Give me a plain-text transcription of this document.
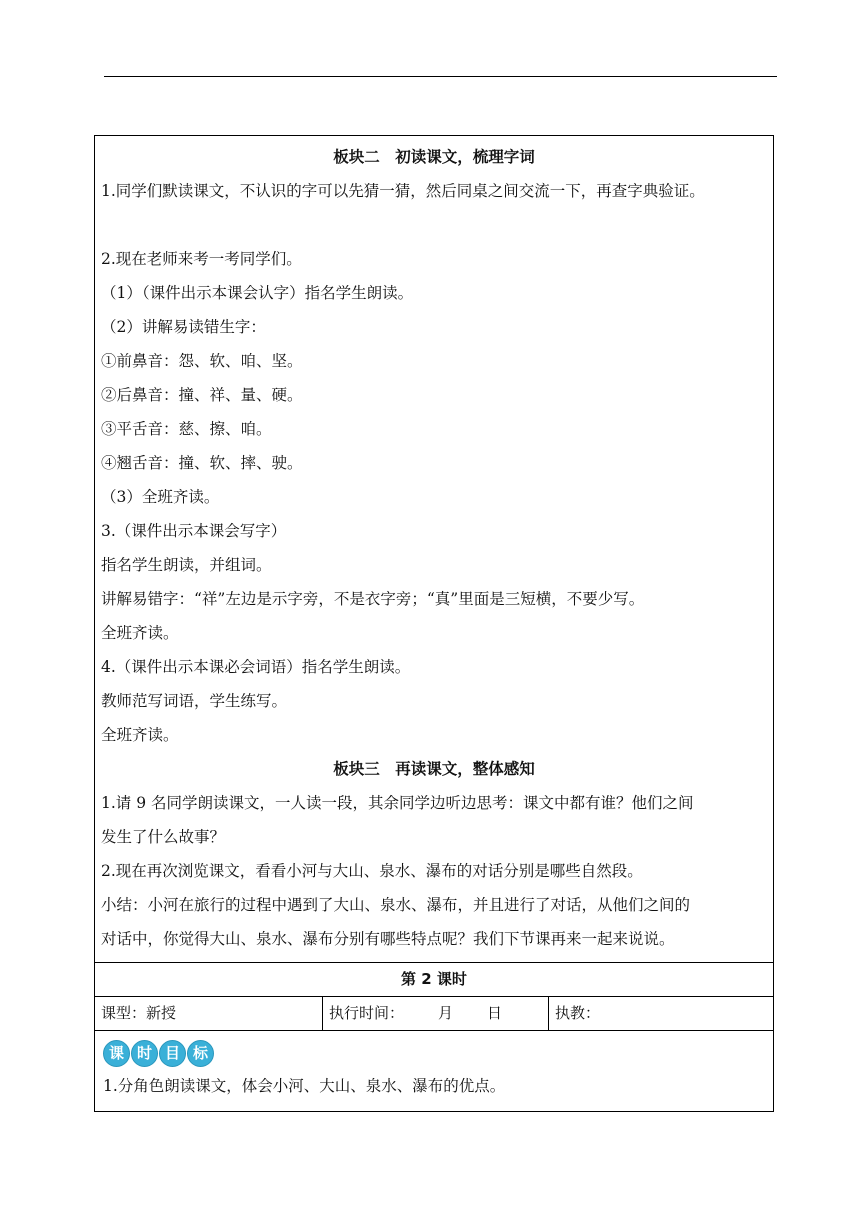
板块二　初读课文，梳理字词
1.同学们默读课文，不认识的字可以先猜一猜，然后同桌之间交流一下，再查字典验证。
2.现在老师来考一考同学们。
（1）（课件出示本课会认字）指名学生朗读。
（2）讲解易读错生字：
①前鼻音：怨、软、咱、坚。
②后鼻音：撞、祥、量、硬。
③平舌音：慈、擦、咱。
④翘舌音：撞、软、摔、驶。
（3）全班齐读。
3.（课件出示本课会写字）
指名学生朗读，并组词。
讲解易错字：“祥”左边是示字旁，不是衣字旁；“真”里面是三短横，不要少写。
全班齐读。
4.（课件出示本课必会词语）指名学生朗读。
教师范写词语，学生练写。
全班齐读。
板块三　再读课文，整体感知
1.请 9 名同学朗读课文，一人读一段，其余同学边听边思考：课文中都有谁？他们之间
发生了什么故事？
2.现在再次浏览课文，看看小河与大山、泉水、瀑布的对话分别是哪些自然段。
小结：小河在旅行的过程中遇到了大山、泉水、瀑布，并且进行了对话，从他们之间的
对话中，你觉得大山、泉水、瀑布分别有哪些特点呢？我们下节课再来一起来说说。
第 2 课时
课型：新授	执行时间： 月 日	执教：
课 时 目 标
1.分角色朗读课文，体会小河、大山、泉水、瀑布的优点。
